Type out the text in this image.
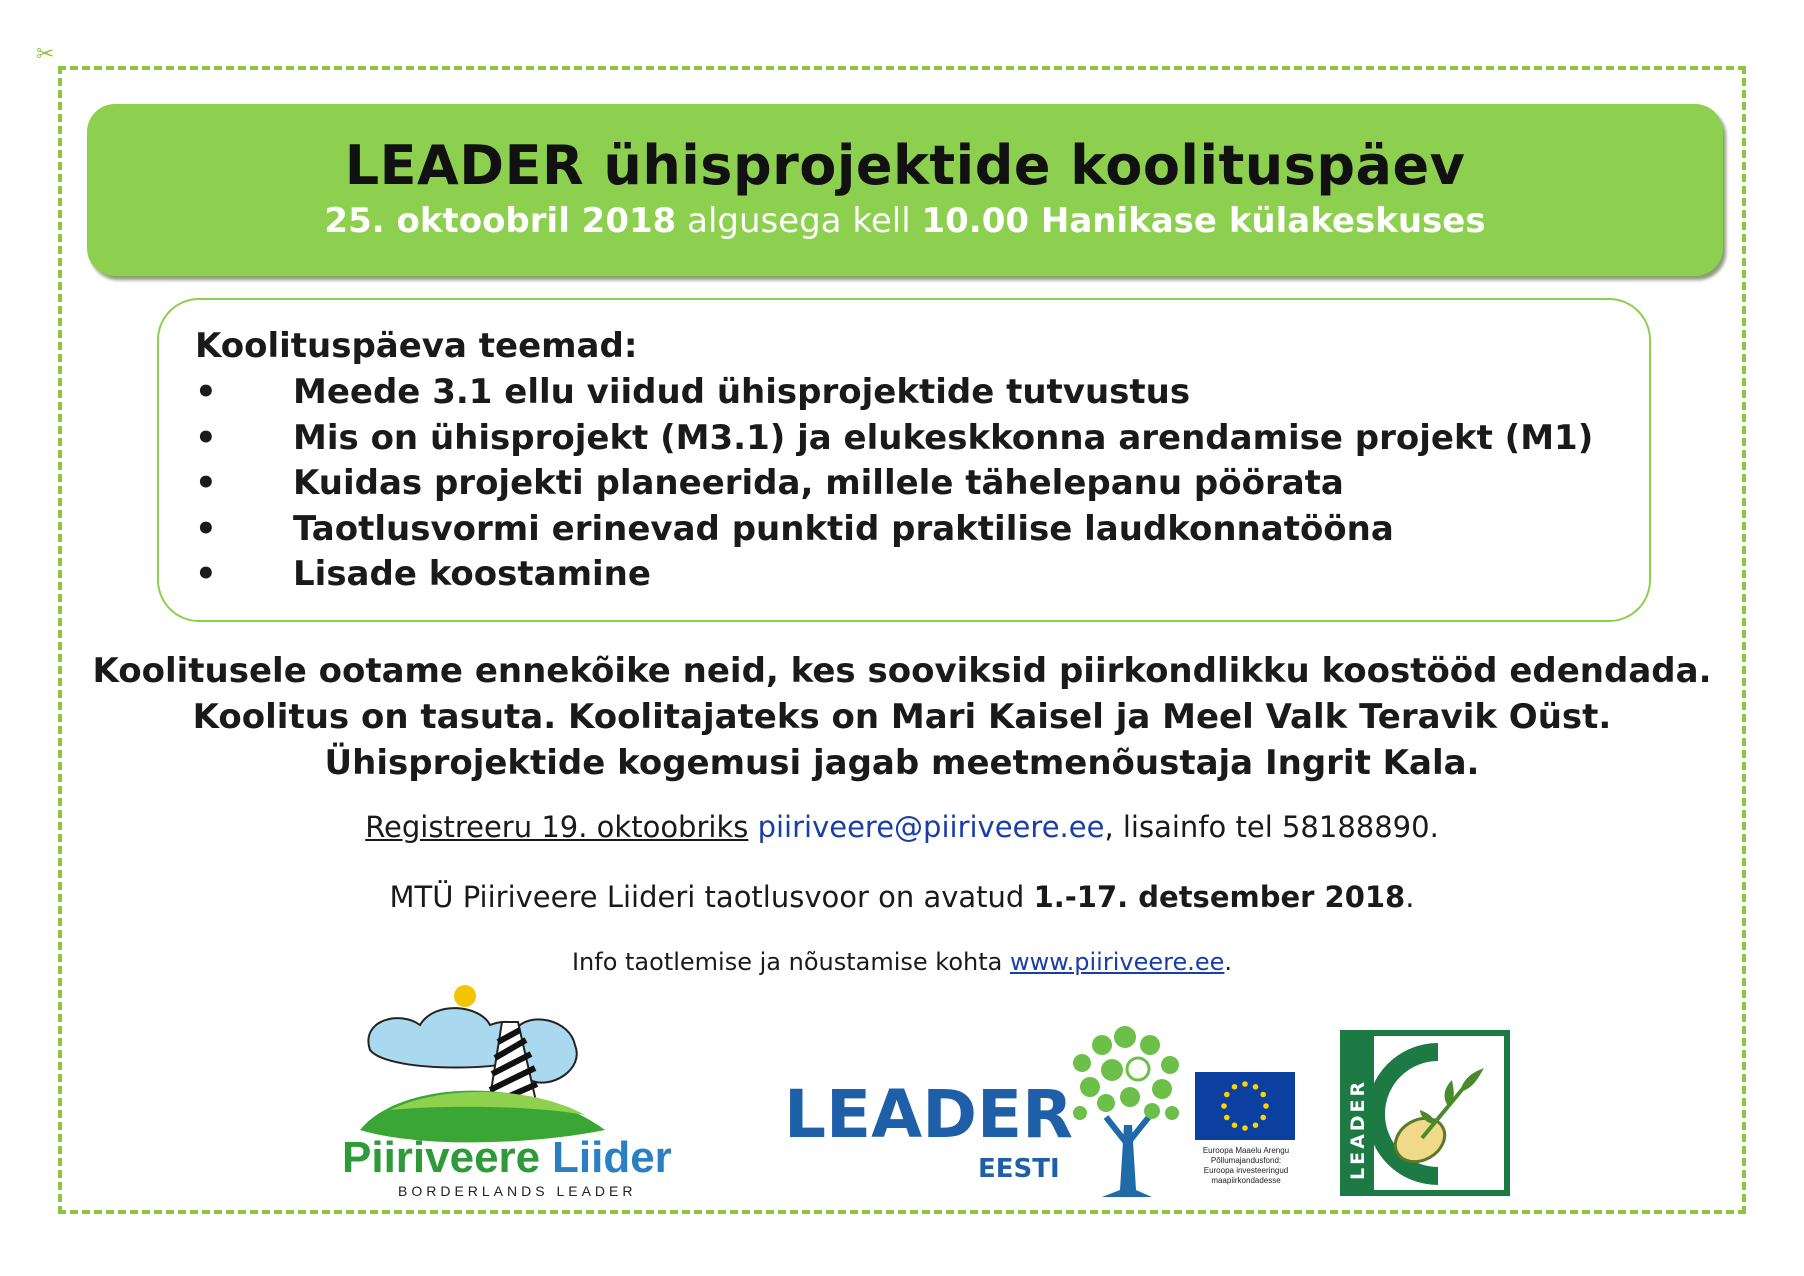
✂
LEADER ühisprojektide koolituspäev
25. oktoobril 2018 algusega kell 10.00 Hanikase külakeskuses
Koolituspäeva teemad:
• Meede 3.1 ellu viidud ühisprojektide tutvustus
• Mis on ühisprojekt (M3.1) ja elukeskkonna arendamise projekt (M1)
• Kuidas projekti planeerida, millele tähelepanu pöörata
• Taotlusvormi erinevad punktid praktilise laudkonnatööna
• Lisade koostamine
Koolitusele ootame ennekõike neid, kes sooviksid piirkondlikku koostööd edendada.
Koolitus on tasuta. Koolitajateks on Mari Kaisel ja Meel Valk Teravik Oüst.
Ühisprojektide kogemusi jagab meetmenõustaja Ingrit Kala.
Registreeru 19. oktoobriks piiriveere@piiriveere.ee, lisainfo tel 58188890.
MTÜ Piiriveere Liideri taotlusvoor on avatud 1.-17. detsember 2018.
Info taotlemise ja nõustamise kohta www.piiriveere.ee.
Piiriveere Liider
BORDERLANDS LEADER
LEADER
EESTI
Euroopa Maaelu Arengu
Põllumajandusfond:
Euroopa investeeringud
maapiirkondadesse
LEADER
